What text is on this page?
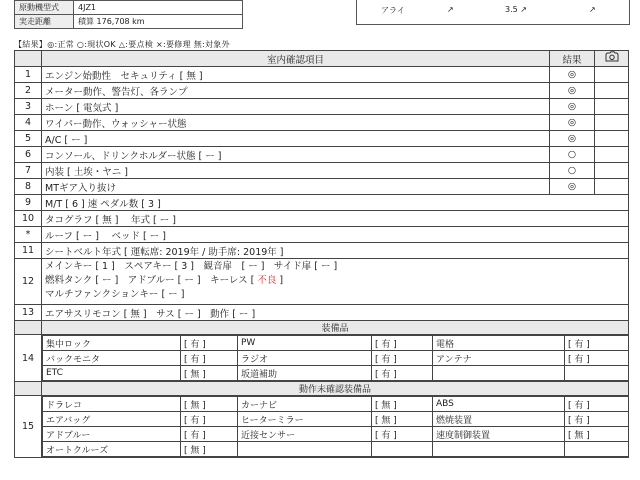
原動機型式	4JZ1
実走距離	積算 176,708 km
アライ	↗	3.5 ↗	↗
【結果】◎:正常 ○:現状OK △:要点検 ×:要修理 無:対象外
	室内確認項目	結果	
1	エンジン始動性　セキュリティ [ 無 ]	◎	
2	メーター動作、警告灯、各ランプ	◎	
3	ホーン [ 電気式 ]	◎	
4	ワイパー動作、ウォッシャー状態	◎	
5	A/C [ ー ]	◎	
6	コンソール、ドリンクホルダー状態 [ ー ]	○	
7	内装 [ 土埃・ヤニ ]	○	
8	MTギア入り抜け	◎	
9	M/T [ 6 ] 速 ペダル数 [ 3 ]
10	タコグラフ [ 無 ]　 年式 [ ー ]
*	ルーフ [ ー ]　 ベッド [ ー ]
11	シートベルト年式 [ 運転席: 2019年 / 助手席: 2019年 ]
12	
メインキー [ 1 ]　スペアキー [ 3 ]　観音扉　[ ー ]　サイド扉 [ ー ]
燃料タンク [ ー ]　アドブルー [ ー ]　キーレス [ 不良 ]
マルチファンクションキー [ ー ]

13	エアサスリモコン [ 無 ]　サス [ ー ]　動作 [ ー ]
	装備品
14	
集中ロック	[ 有 ]	PW	[ 有 ]	電格	[ 有 ]
バックモニタ	[ 有 ]	ラジオ	[ 有 ]	アンテナ	[ 有 ]
ETC	[ 無 ]	坂道補助	[ 有 ]		

	動作未確認装備品
15	
ドラレコ	[ 無 ]	カーナビ	[ 無 ]	ABS	[ 有 ]
エアバッグ	[ 有 ]	ヒーターミラー	[ 無 ]	燃焼装置	[ 有 ]
アドブルー	[ 有 ]	近接センサー	[ 有 ]	速度制御装置	[ 無 ]
オートクルーズ	[ 無 ]				
